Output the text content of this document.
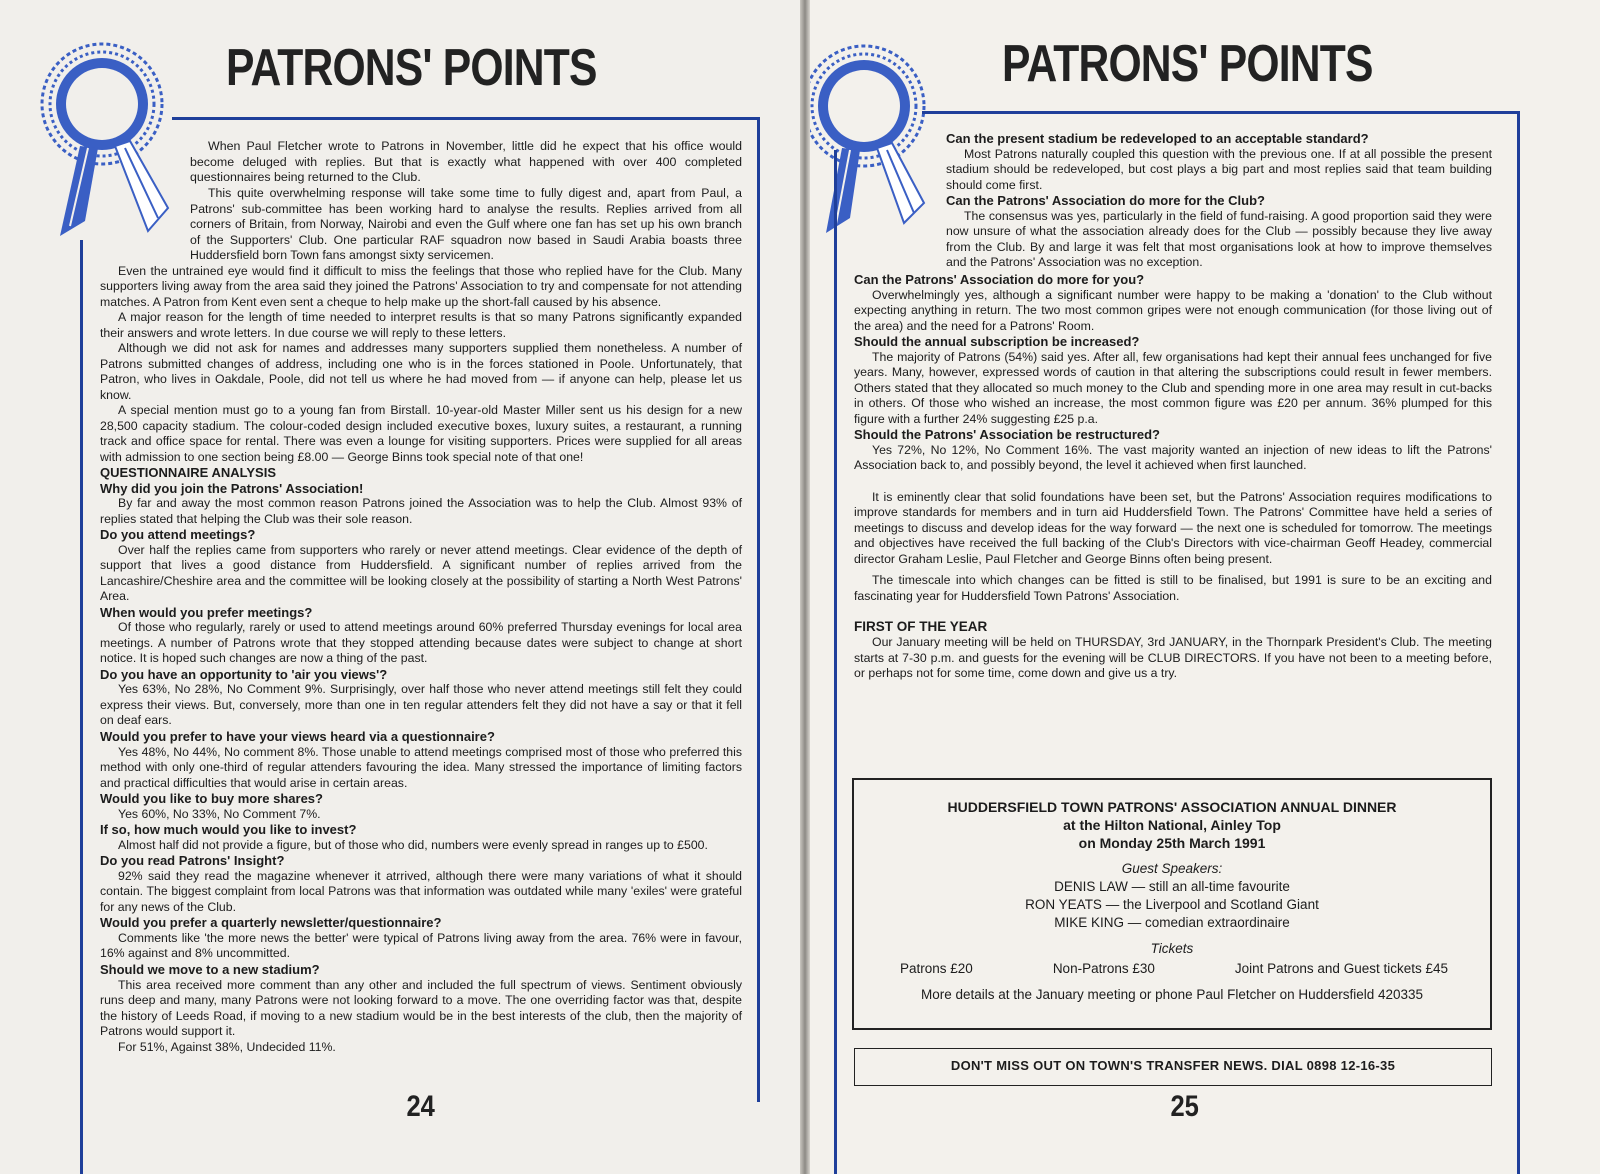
PATRONS' POINTS

When Paul Fletcher wrote to Patrons in November, little did he expect that his office would become deluged with replies. But that is exactly what happened with over 400 completed questionnaires being returned to the Club.

This quite overwhelming response will take some time to fully digest and, apart from Paul, a Patrons' sub-committee has been working hard to analyse the results. Replies arrived from all corners of Britain, from Norway, Nairobi and even the Gulf where one fan has set up his own branch of the Supporters' Club. One particular RAF squadron now based in Saudi Arabia boasts three Huddersfield born Town fans amongst sixty servicemen.

Even the untrained eye would find it difficult to miss the feelings that those who replied have for the Club. Many supporters living away from the area said they joined the Patrons' Association to try and compensate for not attending matches. A Patron from Kent even sent a cheque to help make up the short-fall caused by his absence.

A major reason for the length of time needed to interpret results is that so many Patrons significantly expanded their answers and wrote letters. In due course we will reply to these letters.

Although we did not ask for names and addresses many supporters supplied them nonetheless. A number of Patrons submitted changes of address, including one who is in the forces stationed in Poole. Unfortunately, that Patron, who lives in Oakdale, Poole, did not tell us where he had moved from — if anyone can help, please let us know.

A special mention must go to a young fan from Birstall. 10-year-old Master Miller sent us his design for a new 28,500 capacity stadium. The colour-coded design included executive boxes, luxury suites, a restaurant, a running track and office space for rental. There was even a lounge for visiting supporters. Prices were supplied for all areas with admission to one section being £8.00 — George Binns took special note of that one!

QUESTIONNAIRE ANALYSIS
Why did you join the Patrons' Association!

By far and away the most common reason Patrons joined the Association was to help the Club. Almost 93% of replies stated that helping the Club was their sole reason.

Do you attend meetings?

Over half the replies came from supporters who rarely or never attend meetings. Clear evidence of the depth of support that lives a good distance from Huddersfield. A significant number of replies arrived from the Lancashire/Cheshire area and the committee will be looking closely at the possibility of starting a North West Patrons' Area.

When would you prefer meetings?

Of those who regularly, rarely or used to attend meetings around 60% preferred Thursday evenings for local area meetings. A number of Patrons wrote that they stopped attending because dates were subject to change at short notice. It is hoped such changes are now a thing of the past.

Do you have an opportunity to 'air you views'?

Yes 63%, No 28%, No Comment 9%. Surprisingly, over half those who never attend meetings still felt they could express their views. But, conversely, more than one in ten regular attenders felt they did not have a say or that it fell on deaf ears.

Would you prefer to have your views heard via a questionnaire?

Yes 48%, No 44%, No comment 8%. Those unable to attend meetings comprised most of those who preferred this method with only one-third of regular attenders favouring the idea. Many stressed the importance of limiting factors and practical difficulties that would arise in certain areas.

Would you like to buy more shares?

Yes 60%, No 33%, No Comment 7%.

If so, how much would you like to invest?

Almost half did not provide a figure, but of those who did, numbers were evenly spread in ranges up to £500.

Do you read Patrons' Insight?

92% said they read the magazine whenever it atrrived, although there were many variations of what it should contain. The biggest complaint from local Patrons was that information was outdated while many 'exiles' were grateful for any news of the Club.

Would you prefer a quarterly newsletter/questionnaire?

Comments like 'the more news the better' were typical of Patrons living away from the area. 76% were in favour, 16% against and 8% uncommitted.

Should we move to a new stadium?

This area received more comment than any other and included the full spectrum of views. Sentiment obviously runs deep and many, many Patrons were not looking forward to a move. The one overriding factor was that, despite the history of Leeds Road, if moving to a new stadium would be in the best interests of the club, then the majority of Patrons would support it.

For 51%, Against 38%, Undecided 11%.

24
PATRONS' POINTS
Can the present stadium be redeveloped to an acceptable standard?

Most Patrons naturally coupled this question with the previous one. If at all possible the present stadium should be redeveloped, but cost plays a big part and most replies said that team building should come first.

Can the Patrons' Association do more for the Club?

The consensus was yes, particularly in the field of fund-raising. A good proportion said they were now unsure of what the association already does for the Club — possibly because they live away from the Club. By and large it was felt that most organisations look at how to improve themselves and the Patrons' Association was no exception.

Can the Patrons' Association do more for you?

Overwhelmingly yes, although a significant number were happy to be making a 'donation' to the Club without expecting anything in return. The two most common gripes were not enough communication (for those living out of the area) and the need for a Patrons' Room.

Should the annual subscription be increased?

The majority of Patrons (54%) said yes. After all, few organisations had kept their annual fees unchanged for five years. Many, however, expressed words of caution in that altering the subscriptions could result in fewer members. Others stated that they allocated so much money to the Club and spending more in one area may result in cut-backs in others. Of those who wished an increase, the most common figure was £20 per annum. 36% plumped for this figure with a further 24% suggesting £25 p.a.

Should the Patrons' Association be restructured?

Yes 72%, No 12%, No Comment 16%. The vast majority wanted an injection of new ideas to lift the Patrons' Association back to, and possibly beyond, the level it achieved when first launched.

It is eminently clear that solid foundations have been set, but the Patrons' Association requires modifications to improve standards for members and in turn aid Huddersfield Town. The Patrons' Committee have held a series of meetings to discuss and develop ideas for the way forward — the next one is scheduled for tomorrow. The meetings and objectives have received the full backing of the Club's Directors with vice-chairman Geoff Headey, commercial director Graham Leslie, Paul Fletcher and George Binns often being present.

The timescale into which changes can be fitted is still to be finalised, but 1991 is sure to be an exciting and fascinating year for Huddersfield Town Patrons' Association.

FIRST OF THE YEAR

Our January meeting will be held on THURSDAY, 3rd JANUARY, in the Thornpark President's Club. The meeting starts at 7-30 p.m. and guests for the evening will be CLUB DIRECTORS. If you have not been to a meeting before, or perhaps not for some time, come down and give us a try.

HUDDERSFIELD TOWN PATRONS' ASSOCIATION ANNUAL DINNER
at the Hilton National, Ainley Top
on Monday 25th March 1991
Guest Speakers:
DENIS LAW — still an all-time favourite
RON YEATS — the Liverpool and Scotland Giant
MIKE KING — comedian extraordinaire
Tickets
Patrons £20	Non-Patrons £30	Joint Patrons and Guest tickets £45
More details at the January meeting or phone Paul Fletcher on Huddersfield 420335
DON'T MISS OUT ON TOWN'S TRANSFER NEWS. DIAL 0898 12-16-35
25
